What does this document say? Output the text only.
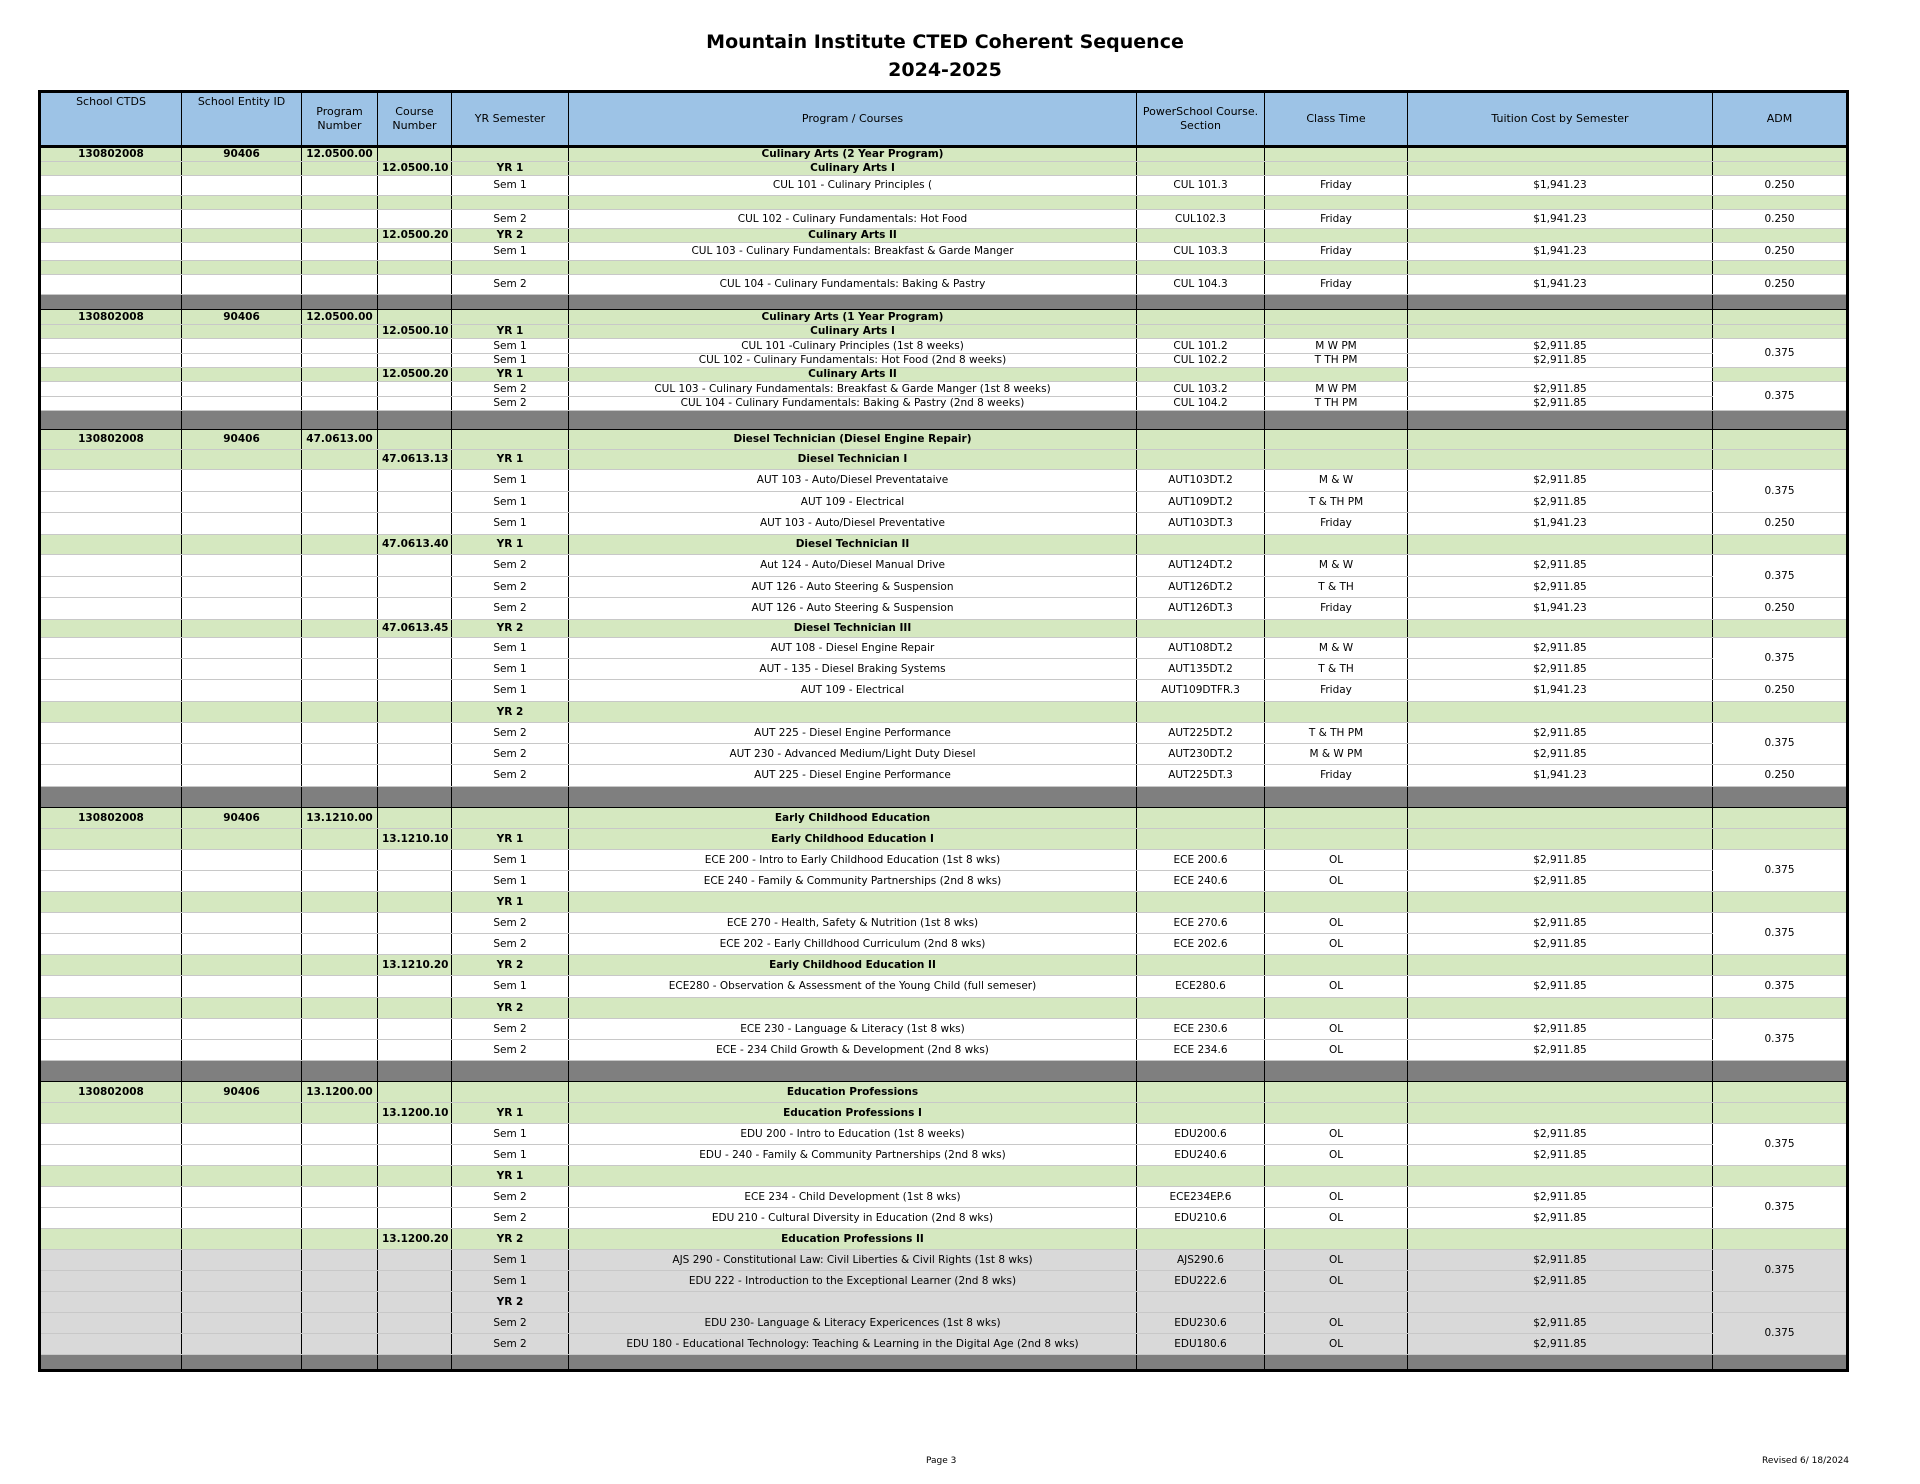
Mountain Institute CTED Coherent Sequence
2024-2025
School CTDS	School Entity ID	Program Number	Course Number	YR Semester	Program / Courses	PowerSchool Course. Section	Class Time	Tuition Cost by Semester	ADM
130802008	90406	12.0500.00			Culinary Arts (2 Year Program)				
			12.0500.10	YR 1	Culinary Arts I				
				Sem 1	CUL 101 - Culinary Principles (	CUL 101.3	Friday	$1,941.23	0.250

				Sem 2	CUL 102 - Culinary Fundamentals: Hot Food	CUL102.3	Friday	$1,941.23	0.250
			12.0500.20	YR 2	Culinary Arts II				
				Sem 1	CUL 103 - Culinary Fundamentals: Breakfast & Garde Manger	CUL 103.3	Friday	$1,941.23	0.250

				Sem 2	CUL 104 - Culinary Fundamentals: Baking & Pastry	CUL 104.3	Friday	$1,941.23	0.250

130802008	90406	12.0500.00			Culinary Arts (1 Year Program)				
			12.0500.10	YR 1	Culinary Arts I				
				Sem 1	CUL 101 -Culinary Principles (1st 8 weeks)	CUL 101.2	M W PM	$2,911.85	0.375
				Sem 1	CUL 102 - Culinary Fundamentals: Hot Food (2nd 8 weeks)	CUL 102.2	T TH PM	$2,911.85	
			12.0500.20	YR 1	Culinary Arts II				
				Sem 2	CUL 103 - Culinary Fundamentals: Breakfast & Garde Manger (1st 8 weeks)	CUL 103.2	M W PM	$2,911.85	0.375
				Sem 2	CUL 104 - Culinary Fundamentals: Baking & Pastry (2nd 8 weeks)	CUL 104.2	T TH PM	$2,911.85	

130802008	90406	47.0613.00			Diesel Technician (Diesel Engine Repair)				
			47.0613.13	YR 1	Diesel Technician I				
				Sem 1	AUT 103 - Auto/Diesel Preventataive	AUT103DT.2	M & W	$2,911.85	0.375
				Sem 1	AUT 109 - Electrical	AUT109DT.2	T & TH PM	$2,911.85	
				Sem 1	AUT 103 - Auto/Diesel Preventative	AUT103DT.3	Friday	$1,941.23	0.250
			47.0613.40	YR 1	Diesel Technician II				
				Sem 2	Aut 124 - Auto/Diesel Manual Drive	AUT124DT.2	M & W	$2,911.85	0.375
				Sem 2	AUT 126 - Auto Steering & Suspension	AUT126DT.2	T & TH	$2,911.85	
				Sem 2	AUT 126 - Auto Steering & Suspension	AUT126DT.3	Friday	$1,941.23	0.250
			47.0613.45	YR 2	Diesel Technician III				
				Sem 1	AUT 108 - Diesel Engine Repair	AUT108DT.2	M & W	$2,911.85	0.375
				Sem 1	AUT - 135 - Diesel Braking Systems	AUT135DT.2	T & TH	$2,911.85	
				Sem 1	AUT 109 - Electrical	AUT109DTFR.3	Friday	$1,941.23	0.250
				YR 2					
				Sem 2	AUT 225 - Diesel Engine Performance	AUT225DT.2	T & TH PM	$2,911.85	0.375
				Sem 2	AUT 230 - Advanced Medium/Light Duty Diesel	AUT230DT.2	M & W PM	$2,911.85	
				Sem 2	AUT 225 - Diesel Engine Performance	AUT225DT.3	Friday	$1,941.23	0.250

130802008	90406	13.1210.00			Early Childhood Education				
			13.1210.10	YR 1	Early Childhood Education I				
				Sem 1	ECE 200 - Intro to Early Childhood Education (1st 8 wks)	ECE 200.6	OL	$2,911.85	0.375
				Sem 1	ECE 240 - Family & Community Partnerships (2nd 8 wks)	ECE 240.6	OL	$2,911.85	
				YR 1					
				Sem 2	ECE 270 - Health, Safety & Nutrition (1st 8 wks)	ECE 270.6	OL	$2,911.85	0.375
				Sem 2	ECE 202 - Early Chilldhood Curriculum (2nd 8 wks)	ECE 202.6	OL	$2,911.85	
			13.1210.20	YR 2	Early Childhood Education II				
				Sem 1	ECE280 - Observation & Assessment of the Young Child (full semeser)	ECE280.6	OL	$2,911.85	0.375
				YR 2					
				Sem 2	ECE 230 - Language & Literacy (1st 8 wks)	ECE 230.6	OL	$2,911.85	0.375
				Sem 2	ECE - 234 Child Growth & Development (2nd 8 wks)	ECE 234.6	OL	$2,911.85	

130802008	90406	13.1200.00			Education Professions				
			13.1200.10	YR 1	Education Professions I				
				Sem 1	EDU 200 - Intro to Education (1st 8 weeks)	EDU200.6	OL	$2,911.85	0.375
				Sem 1	EDU - 240 - Family & Community Partnerships (2nd 8 wks)	EDU240.6	OL	$2,911.85	
				YR 1					
				Sem 2	ECE 234 - Child Development (1st 8 wks)	ECE234EP.6	OL	$2,911.85	0.375
				Sem 2	EDU 210 - Cultural Diversity in Education (2nd 8 wks)	EDU210.6	OL	$2,911.85	
			13.1200.20	YR 2	Education Professions II				
				Sem 1	AJS 290 - Constitutional Law: Civil Liberties & Civil Rights (1st 8 wks)	AJS290.6	OL	$2,911.85	0.375
				Sem 1	EDU 222 - Introduction to the Exceptional Learner (2nd 8 wks)	EDU222.6	OL	$2,911.85	
				YR 2					
				Sem 2	EDU 230- Language & Literacy Expericences (1st 8 wks)	EDU230.6	OL	$2,911.85	0.375
				Sem 2	EDU 180 - Educational Technology: Teaching & Learning in the Digital Age (2nd 8 wks)	EDU180.6	OL	$2,911.85	

Page 3	Revised 6/ 18/2024
